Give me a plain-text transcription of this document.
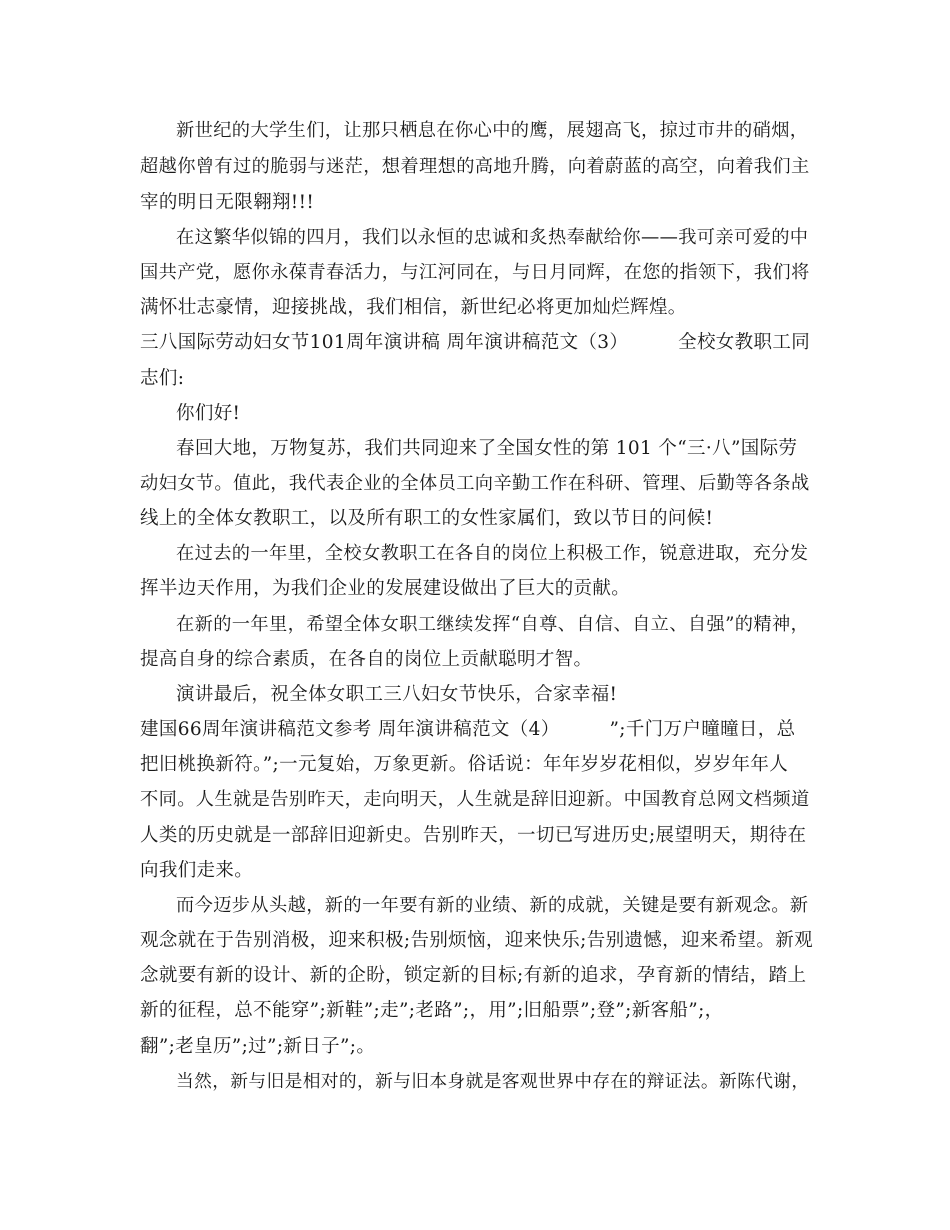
新世纪的大学生们，让那只栖息在你心中的鹰，展翅高飞，掠过市井的硝烟，
超越你曾有过的脆弱与迷茫，想着理想的高地升腾，向着蔚蓝的高空，向着我们主
宰的明日无限翱翔!!!
在这繁华似锦的四月，我们以永恒的忠诚和炙热奉献给你——我可亲可爱的中
国共产党，愿你永葆青春活力，与江河同在，与日月同辉，在您的指领下，我们将
满怀壮志豪情，迎接挑战，我们相信，新世纪必将更加灿烂辉煌。
三八国际劳动妇女节101周年演讲稿 周年演讲稿范文（3）        全校女教职工同
志们:
你们好!
春回大地，万物复苏，我们共同迎来了全国女性的第 101 个“三·八”国际劳
动妇女节。值此，我代表企业的全体员工向辛勤工作在科研、管理、后勤等各条战
线上的全体女教职工，以及所有职工的女性家属们，致以节日的问候!
在过去的一年里，全校女教职工在各自的岗位上积极工作，锐意进取，充分发
挥半边天作用，为我们企业的发展建设做出了巨大的贡献。
在新的一年里，希望全体女职工继续发挥“自尊、自信、自立、自强”的精神，
提高自身的综合素质，在各自的岗位上贡献聪明才智。
演讲最后，祝全体女职工三八妇女节快乐，合家幸福!
建国66周年演讲稿范文参考 周年演讲稿范文（4）        ”;千门万户曈曈日，总
把旧桃换新符。”;一元复始，万象更新。俗话说：年年岁岁花相似，岁岁年年人
不同。人生就是告别昨天，走向明天，人生就是辞旧迎新。中国教育总网文档频道
人类的历史就是一部辞旧迎新史。告别昨天，一切已写进历史;展望明天，期待在
向我们走来。
而今迈步从头越，新的一年要有新的业绩、新的成就，关键是要有新观念。新
观念就在于告别消极，迎来积极;告别烦恼，迎来快乐;告别遗憾，迎来希望。新观
念就要有新的设计、新的企盼，锁定新的目标;有新的追求，孕育新的情结，踏上
新的征程，总不能穿”;新鞋”;走”;老路”;，用”;旧船票”;登”;新客船”;，
翻”;老皇历”;过”;新日子”;。
当然，新与旧是相对的，新与旧本身就是客观世界中存在的辩证法。新陈代谢，
